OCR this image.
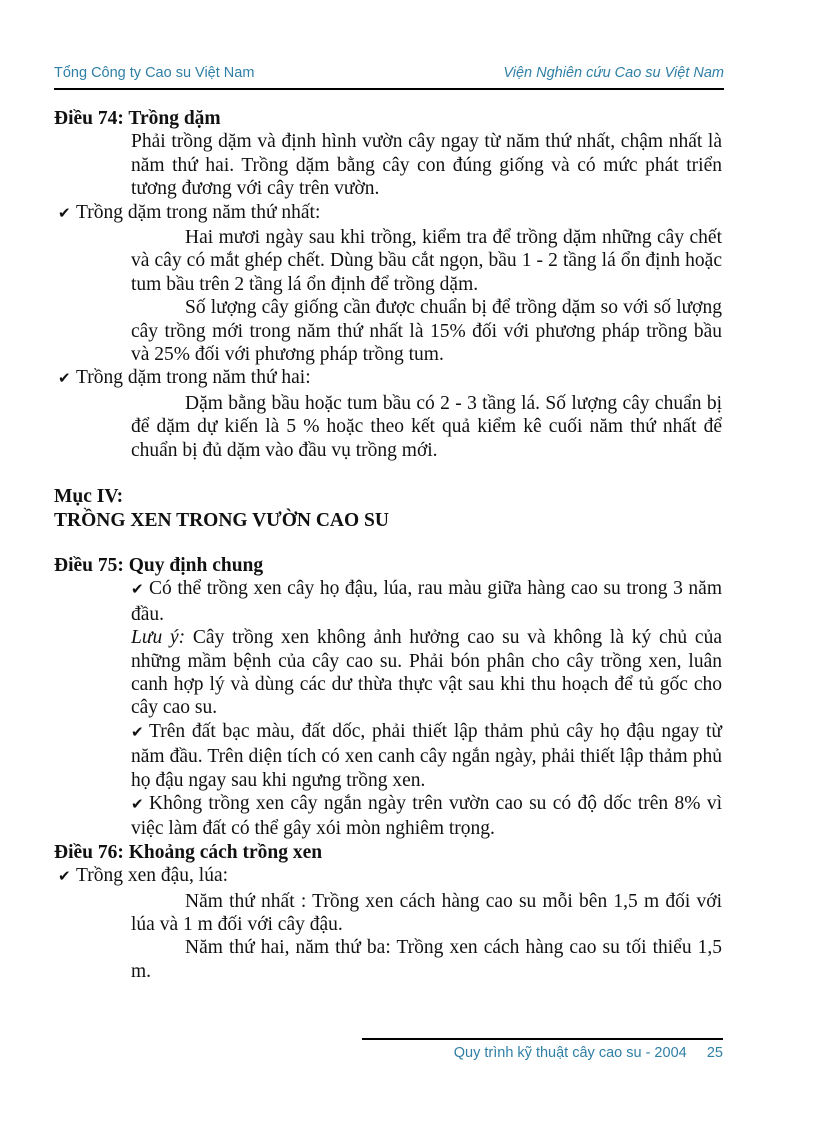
Tổng Công ty Cao su Việt Nam	Viện Nghiên cứu Cao su Việt Nam
Điều 74: Trồng dặm
Phải trồng dặm và định hình vườn cây ngay từ năm thứ nhất, chậm nhất là năm thứ hai. Trồng dặm bằng cây con đúng giống và có mức phát triển tương đương với cây trên vườn.
✔ Trồng dặm trong năm thứ nhất:
Hai mươi ngày sau khi trồng, kiểm tra để trồng dặm những cây chết và cây có mắt ghép chết. Dùng bầu cắt ngọn, bầu 1 - 2 tầng lá ổn định hoặc tum bầu trên 2 tầng lá ổn định để trồng dặm.
Số lượng cây giống cần được chuẩn bị để trồng dặm so với số lượng cây trồng mới trong năm thứ nhất là 15% đối với phương pháp trồng bầu và 25% đối với phương pháp trồng tum.
✔ Trồng dặm trong năm thứ hai:
Dặm bằng bầu hoặc tum bầu có 2 - 3 tầng lá. Số lượng cây chuẩn bị để dặm dự kiến là 5 % hoặc theo kết quả kiểm kê cuối năm thứ nhất để chuẩn bị đủ dặm vào đầu vụ trồng mới.
Mục IV:
TRỒNG XEN TRONG VƯỜN CAO SU
Điều 75: Quy định chung
✔ Có thể trồng xen cây họ đậu, lúa, rau màu giữa hàng cao su trong 3 năm đầu.
Lưu ý: Cây trồng xen không ảnh hưởng cao su và không là ký chủ của những mầm bệnh của cây cao su. Phải bón phân cho cây trồng xen, luân canh hợp lý và dùng các dư thừa thực vật sau khi thu hoạch để tủ gốc cho cây cao su.
✔ Trên đất bạc màu, đất dốc, phải thiết lập thảm phủ cây họ đậu ngay từ năm đầu. Trên diện tích có xen canh cây ngắn ngày, phải thiết lập thảm phủ họ đậu ngay sau khi ngưng trồng xen.
✔ Không trồng xen cây ngắn ngày trên vườn cao su có độ dốc trên 8% vì việc làm đất có thể gây xói mòn nghiêm trọng.
Điều 76: Khoảng cách trồng xen
✔ Trồng xen đậu, lúa:
Năm thứ nhất : Trồng xen cách hàng cao su mỗi bên 1,5 m đối với lúa và 1 m đối với cây đậu.
Năm thứ hai, năm thứ ba: Trồng xen cách hàng cao su tối thiểu 1,5 m.
Quy trình kỹ thuật cây cao su - 2004 25
